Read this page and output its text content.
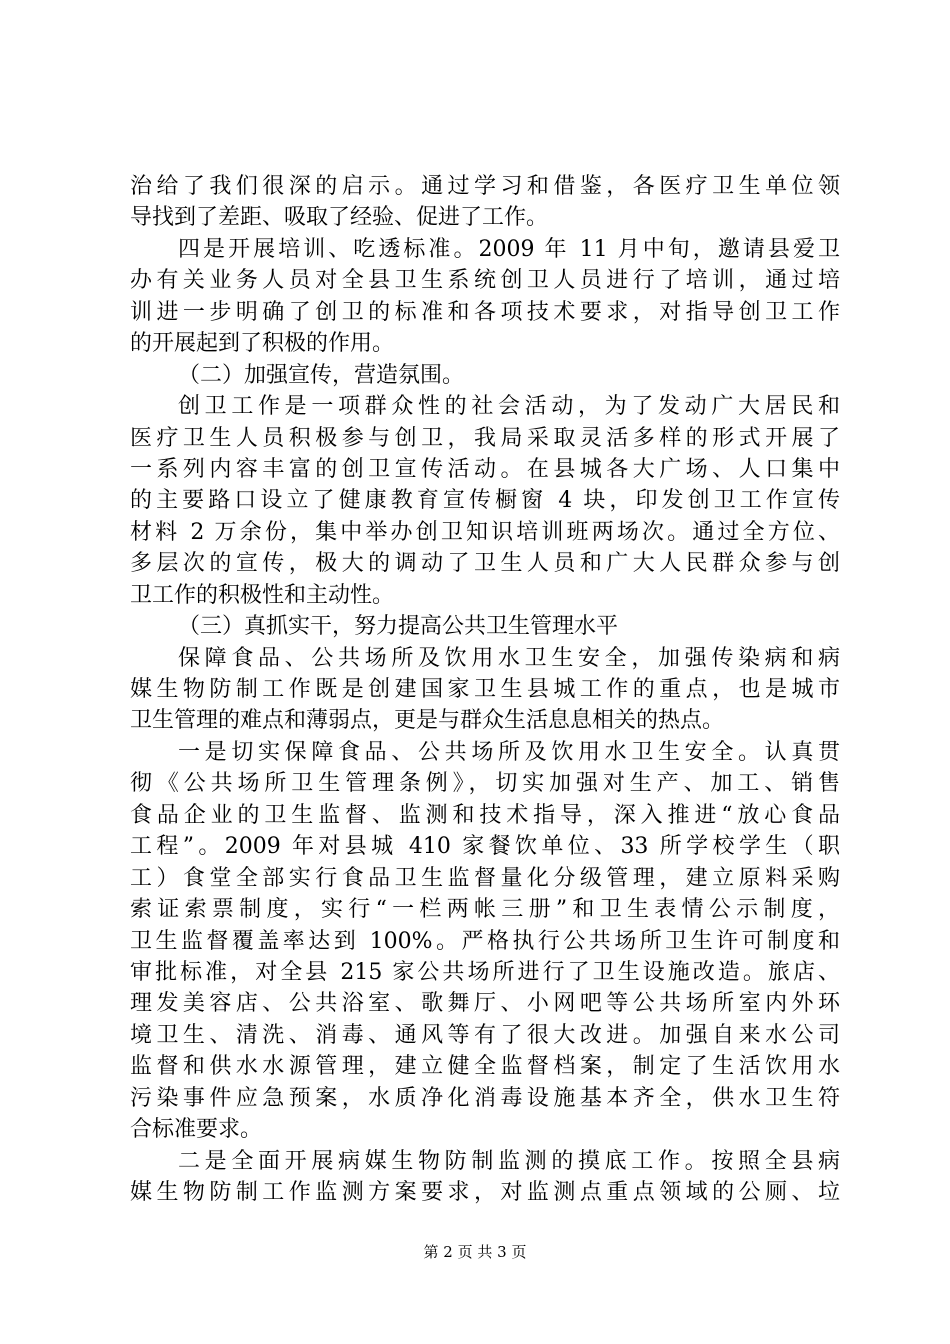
治给了我们很深的启示。通过学习和借鉴，各医疗卫生单位领
导找到了差距、吸取了经验、促进了工作。
四是开展培训、吃透标准。2009 年 11 月中旬，邀请县爱卫
办有关业务人员对全县卫生系统创卫人员进行了培训，通过培
训进一步明确了创卫的标准和各项技术要求，对指导创卫工作
的开展起到了积极的作用。
（二）加强宣传，营造氛围。
创卫工作是一项群众性的社会活动，为了发动广大居民和
医疗卫生人员积极参与创卫，我局采取灵活多样的形式开展了
一系列内容丰富的创卫宣传活动。在县城各大广场、人口集中
的主要路口设立了健康教育宣传橱窗 4 块，印发创卫工作宣传
材料 2 万余份，集中举办创卫知识培训班两场次。通过全方位、
多层次的宣传，极大的调动了卫生人员和广大人民群众参与创
卫工作的积极性和主动性。
（三）真抓实干，努力提高公共卫生管理水平
保障食品、公共场所及饮用水卫生安全，加强传染病和病
媒生物防制工作既是创建国家卫生县城工作的重点，也是城市
卫生管理的难点和薄弱点，更是与群众生活息息相关的热点。
一是切实保障食品、公共场所及饮用水卫生安全。认真贯
彻《公共场所卫生管理条例》，切实加强对生产、加工、销售
食品企业的卫生监督、监测和技术指导，深入推进“放心食品
工程”。2009 年对县城 410 家餐饮单位、33 所学校学生（职
工）食堂全部实行食品卫生监督量化分级管理，建立原料采购
索证索票制度，实行“一栏两帐三册”和卫生表情公示制度，
卫生监督覆盖率达到 100%。严格执行公共场所卫生许可制度和
审批标准，对全县 215 家公共场所进行了卫生设施改造。旅店、
理发美容店、公共浴室、歌舞厅、小网吧等公共场所室内外环
境卫生、清洗、消毒、通风等有了很大改进。加强自来水公司
监督和供水水源管理，建立健全监督档案，制定了生活饮用水
污染事件应急预案，水质净化消毒设施基本齐全，供水卫生符
合标准要求。
二是全面开展病媒生物防制监测的摸底工作。按照全县病
媒生物防制工作监测方案要求，对监测点重点领域的公厕、垃
第 2 页 共 3 页
